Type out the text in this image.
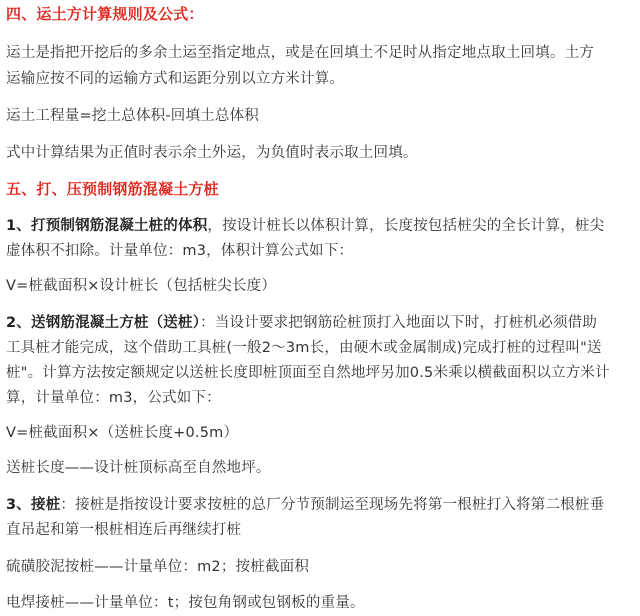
四、运土方计算规则及公式：
运土是指把开挖后的多余土运至指定地点，或是在回填土不足时从指定地点取土回填。土方
运输应按不同的运输方式和运距分别以立方米计算。
运土工程量=挖土总体积-回填土总体积
式中计算结果为正值时表示余土外运，为负值时表示取土回填。
五、打、压预制钢筋混凝土方桩
1、打预制钢筋混凝土桩的体积，按设计桩长以体积计算，长度按包括桩尖的全长计算，桩尖
虚体积不扣除。计量单位：m3，体积计算公式如下：
V=桩截面积×设计桩长（包括桩尖长度）
2、送钢筋混凝土方桩（送桩）：当设计要求把钢筋砼桩顶打入地面以下时，打桩机必须借助
工具桩才能完成，这个借助工具桩(一般2～3m长，由硬木或金属制成)完成打桩的过程叫"送
桩"。计算方法按定额规定以送桩长度即桩顶面至自然地坪另加0.5米乘以横截面积以立方米计
算，计量单位：m3，公式如下：
V=桩截面积×（送桩长度+0.5m）
送桩长度——设计桩顶标高至自然地坪。
3、接桩：接桩是指按设计要求按桩的总厂分节预制运至现场先将第一根桩打入将第二根桩垂
直吊起和第一根桩相连后再继续打桩
硫磺胶泥按桩——计量单位：m2；按桩截面积
电焊接桩——计量单位：t；按包角钢或包钢板的重量。
